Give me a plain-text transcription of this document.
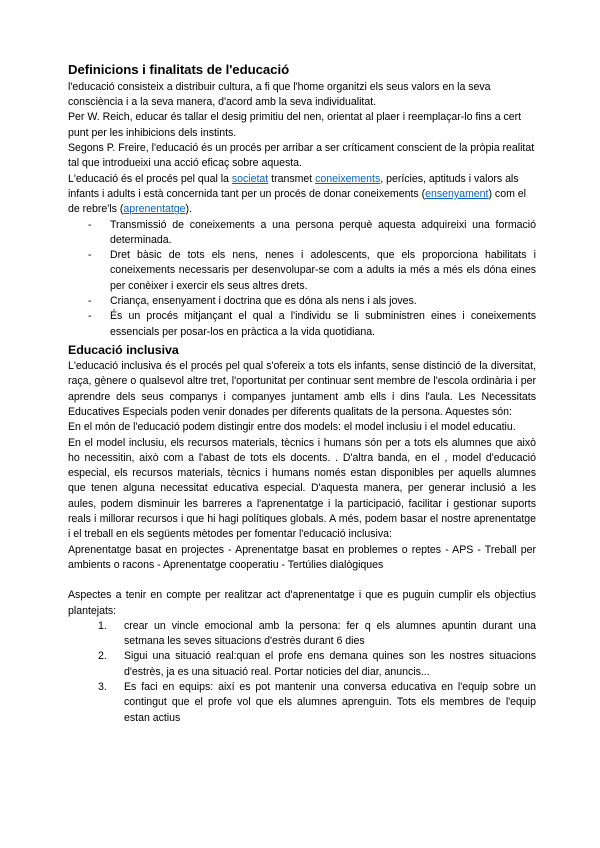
Definicions i finalitats de l'educació

l'educació consisteix a distribuir cultura, a fi que l'home organitzi els seus valors en la seva consciència i a la seva manera, d'acord amb la seva individualitat.

Per W. Reich, educar és tallar el desig primitiu del nen, orientat al plaer i reemplaçar-lo fins a cert punt per les inhibicions dels instints.

Segons P. Freire, l'educació és un procés per arribar a ser críticament conscient de la pròpia realitat tal que introdueixi una acció eficaç sobre aquesta.

L'educació és el procés pel qual la societat transmet coneixements, perícies, aptituds i valors als infants i adults i està concernida tant per un procés de donar coneixements (ensenyament) com el de rebre'ls (aprenentatge).

- Transmissió de coneixements a una persona perquè aquesta adquireixi una formació determinada.
- Dret bàsic de tots els nens, nenes i adolescents, que els proporciona habilitats i coneixements necessaris per desenvolupar-se com a adults ia més a més els dóna eines per conèixer i exercir els seus altres drets.
- Criança, ensenyament i doctrina que es dóna als nens i als joves.
- És un procés mitjançant el qual a l'individu se li subministren eines i coneixements essencials per posar-los en pràctica a la vida quotidiana.
Educació inclusiva

L'educació inclusiva és el procés pel qual s'ofereix a tots els infants, sense distinció de la diversitat, raça, gènere o qualsevol altre tret, l'oportunitat per continuar sent membre de l'escola ordinària i per aprendre dels seus companys i companyes juntament amb ells i dins l'aula. Les Necessitats Educatives Especials poden venir donades per diferents qualitats de la persona. Aquestes són:

En el món de l'educació podem distingir entre dos models: el model inclusiu i el model educatiu.

En el model inclusiu, els recursos materials, tècnics i humans són per a tots els alumnes que això ho necessitin, això com a l'abast de tots els docents. . D'altra banda, en el , model d'educació especial, els recursos materials, tècnics i humans només estan disponibles per aquells alumnes que tenen alguna necessitat educativa especial. D'aquesta manera, per generar inclusió a les aules, podem disminuir les barreres a l'aprenentatge i la participació, facilitar i gestionar suports reals i millorar recursos i que hi hagi polítiques globals. A més, podem basar el nostre aprenentatge i el treball en els següents mètodes per fomentar l'educació inclusiva:

Aprenentatge basat en projectes - Aprenentatge basat en problemes o reptes - APS - Treball per ambients o racons - Aprenentatge cooperatiu - Tertúlies dialògiques

Aspectes a tenir en compte per realitzar act d'aprenentatge i que es puguin cumplir els objectius plantejats:

1.	crear un vincle emocional amb la persona: fer q els alumnes apuntin durant una setmana les seves situacions d'estrès durant 6 dies
2.	Sigui una situació real:quan el profe ens demana quines son les nostres situacions d'estrès, ja es una situació real. Portar noticies del diar, anuncis...
3.	Es faci en equips: així es pot mantenir una conversa educativa en l'equip sobre un contingut que el profe vol que els alumnes aprenguin. Tots els membres de l'equip estan actius
